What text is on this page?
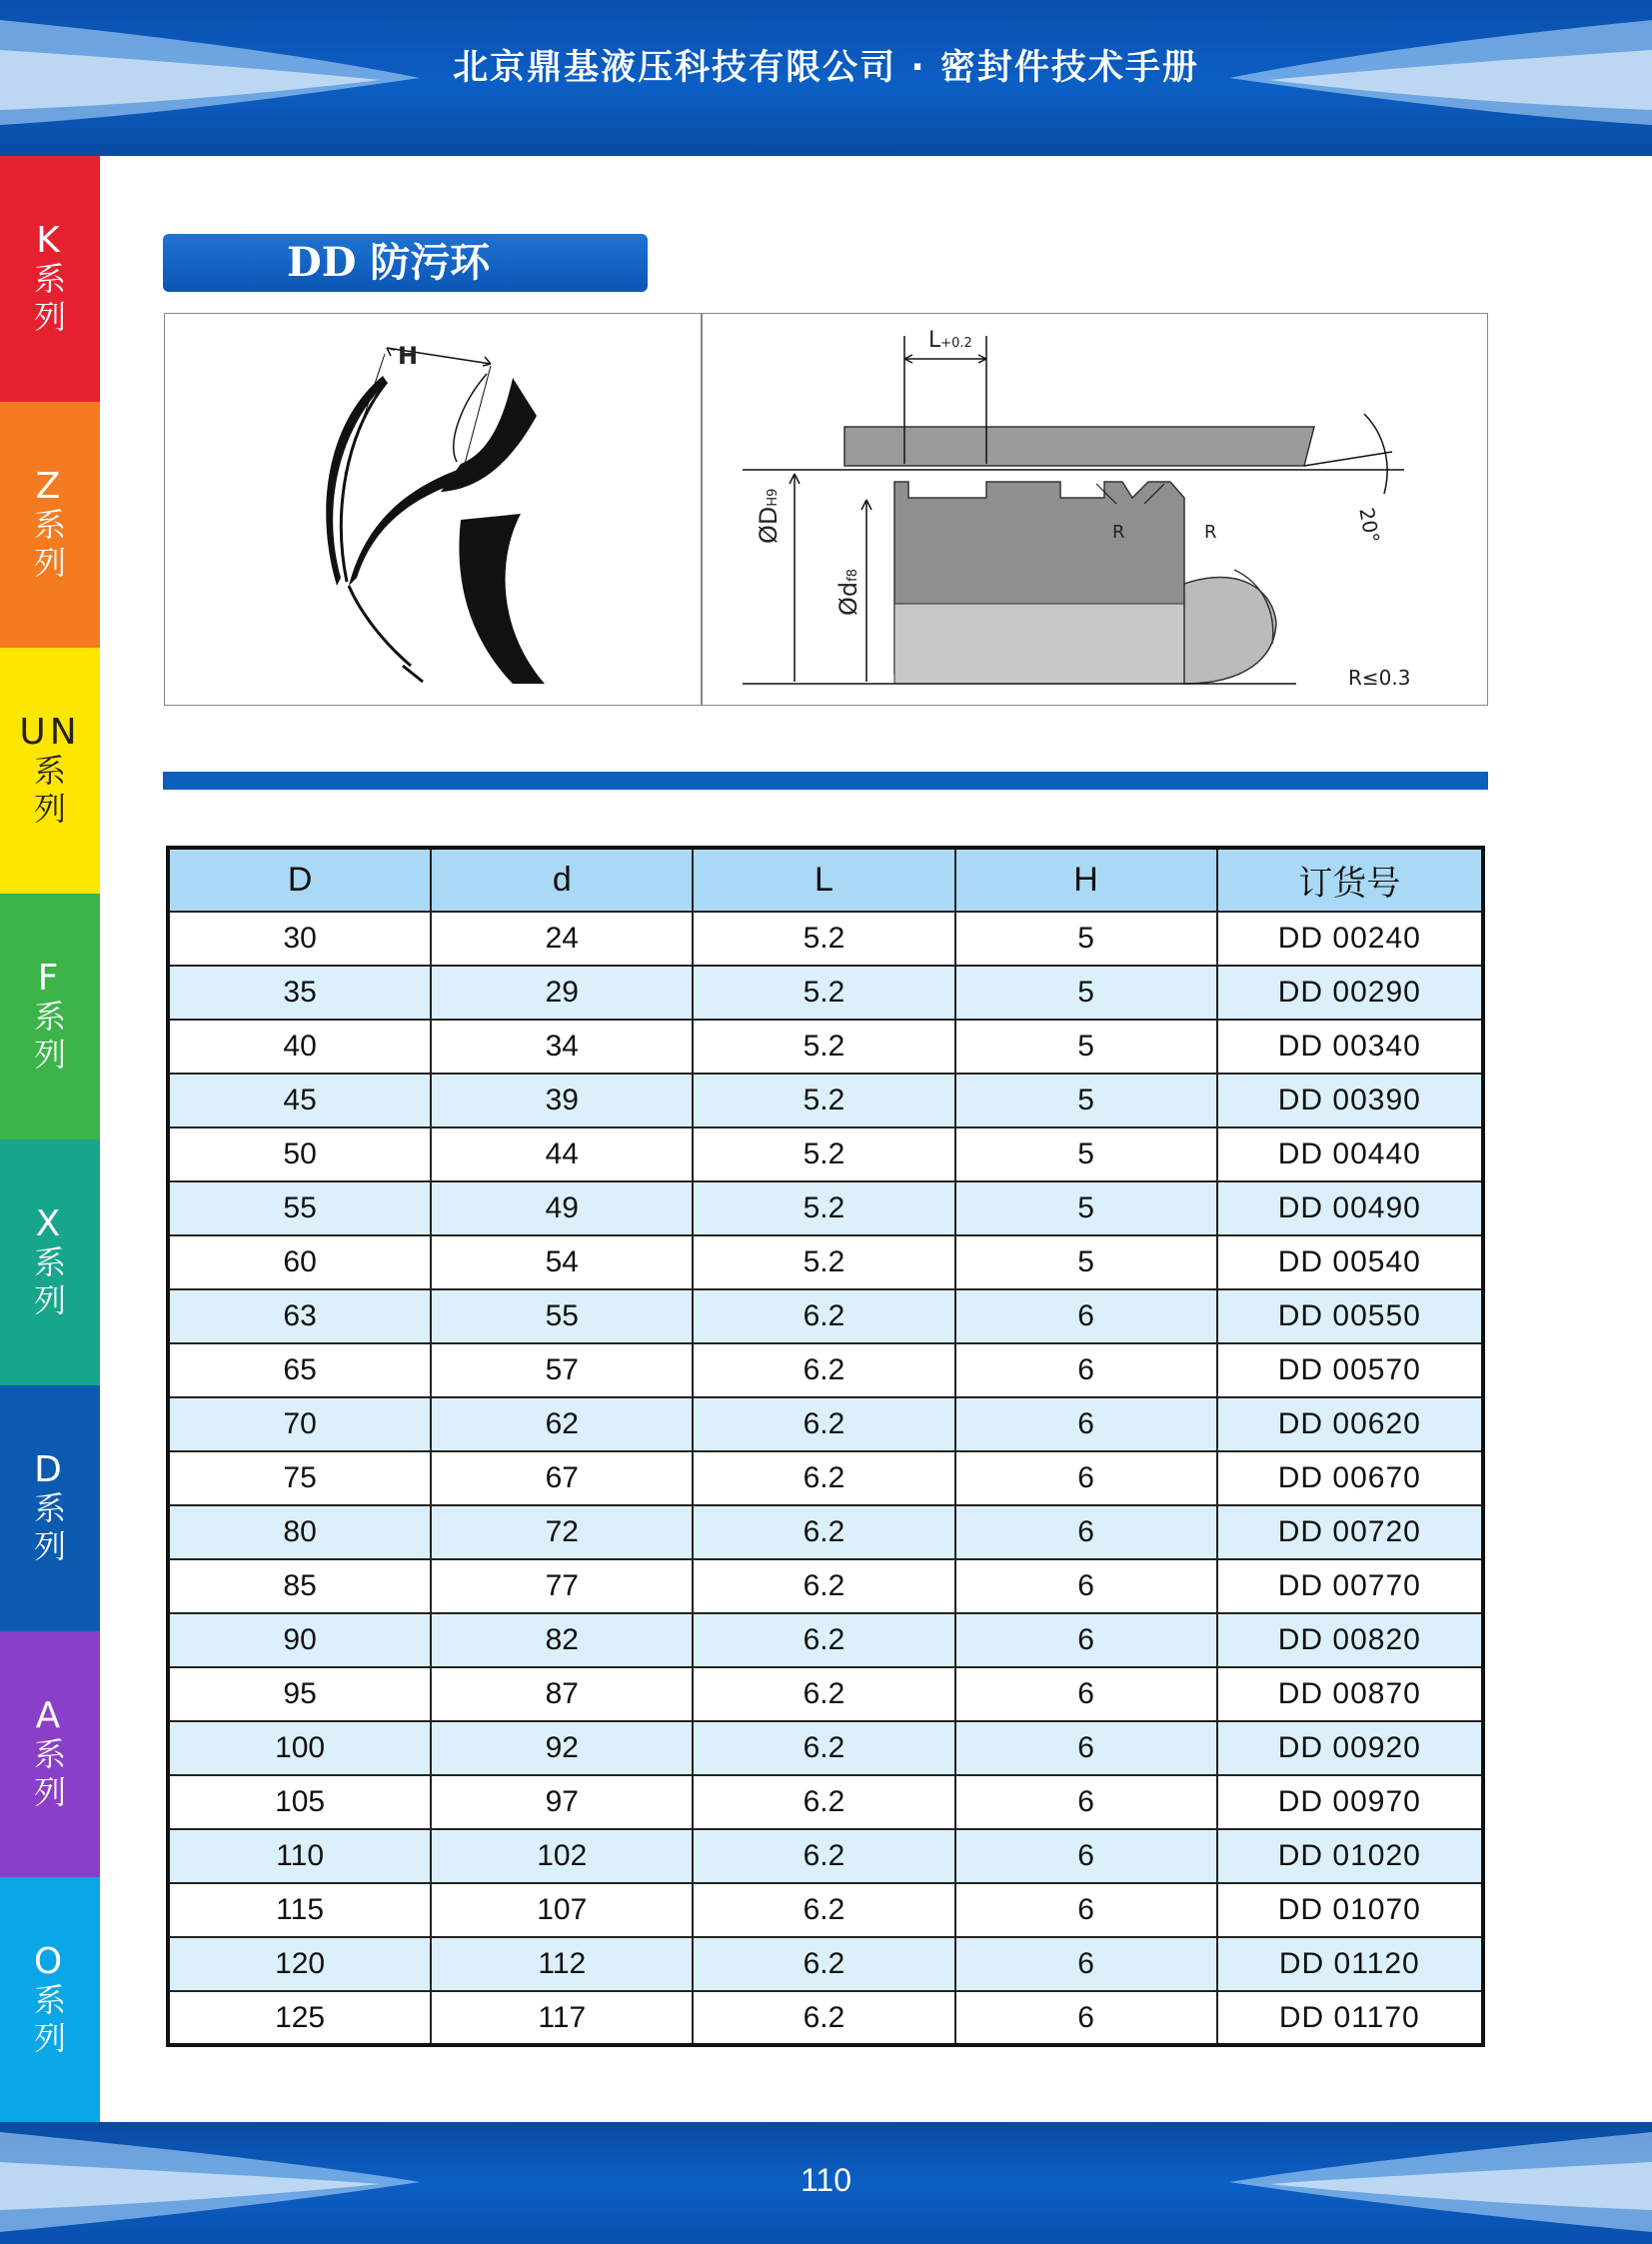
北京鼎基液压科技有限公司 · 密封件技术手册
K
系
列
Z
系
列
UN
系
列
F
系
列
X
系
列
D
系
列
A
系
列
O
系
列
DD 防污环
H
L+0.2
ØDH9
Ødf8
20°
R	R
R≤0.3
D	d	L	H	订货号
30	24	5.2	5	DD 00240
35	29	5.2	5	DD 00290
40	34	5.2	5	DD 00340
45	39	5.2	5	DD 00390
50	44	5.2	5	DD 00440
55	49	5.2	5	DD 00490
60	54	5.2	5	DD 00540
63	55	6.2	6	DD 00550
65	57	6.2	6	DD 00570
70	62	6.2	6	DD 00620
75	67	6.2	6	DD 00670
80	72	6.2	6	DD 00720
85	77	6.2	6	DD 00770
90	82	6.2	6	DD 00820
95	87	6.2	6	DD 00870
100	92	6.2	6	DD 00920
105	97	6.2	6	DD 00970
110	102	6.2	6	DD 01020
115	107	6.2	6	DD 01070
120	112	6.2	6	DD 01120
125	117	6.2	6	DD 01170
110
